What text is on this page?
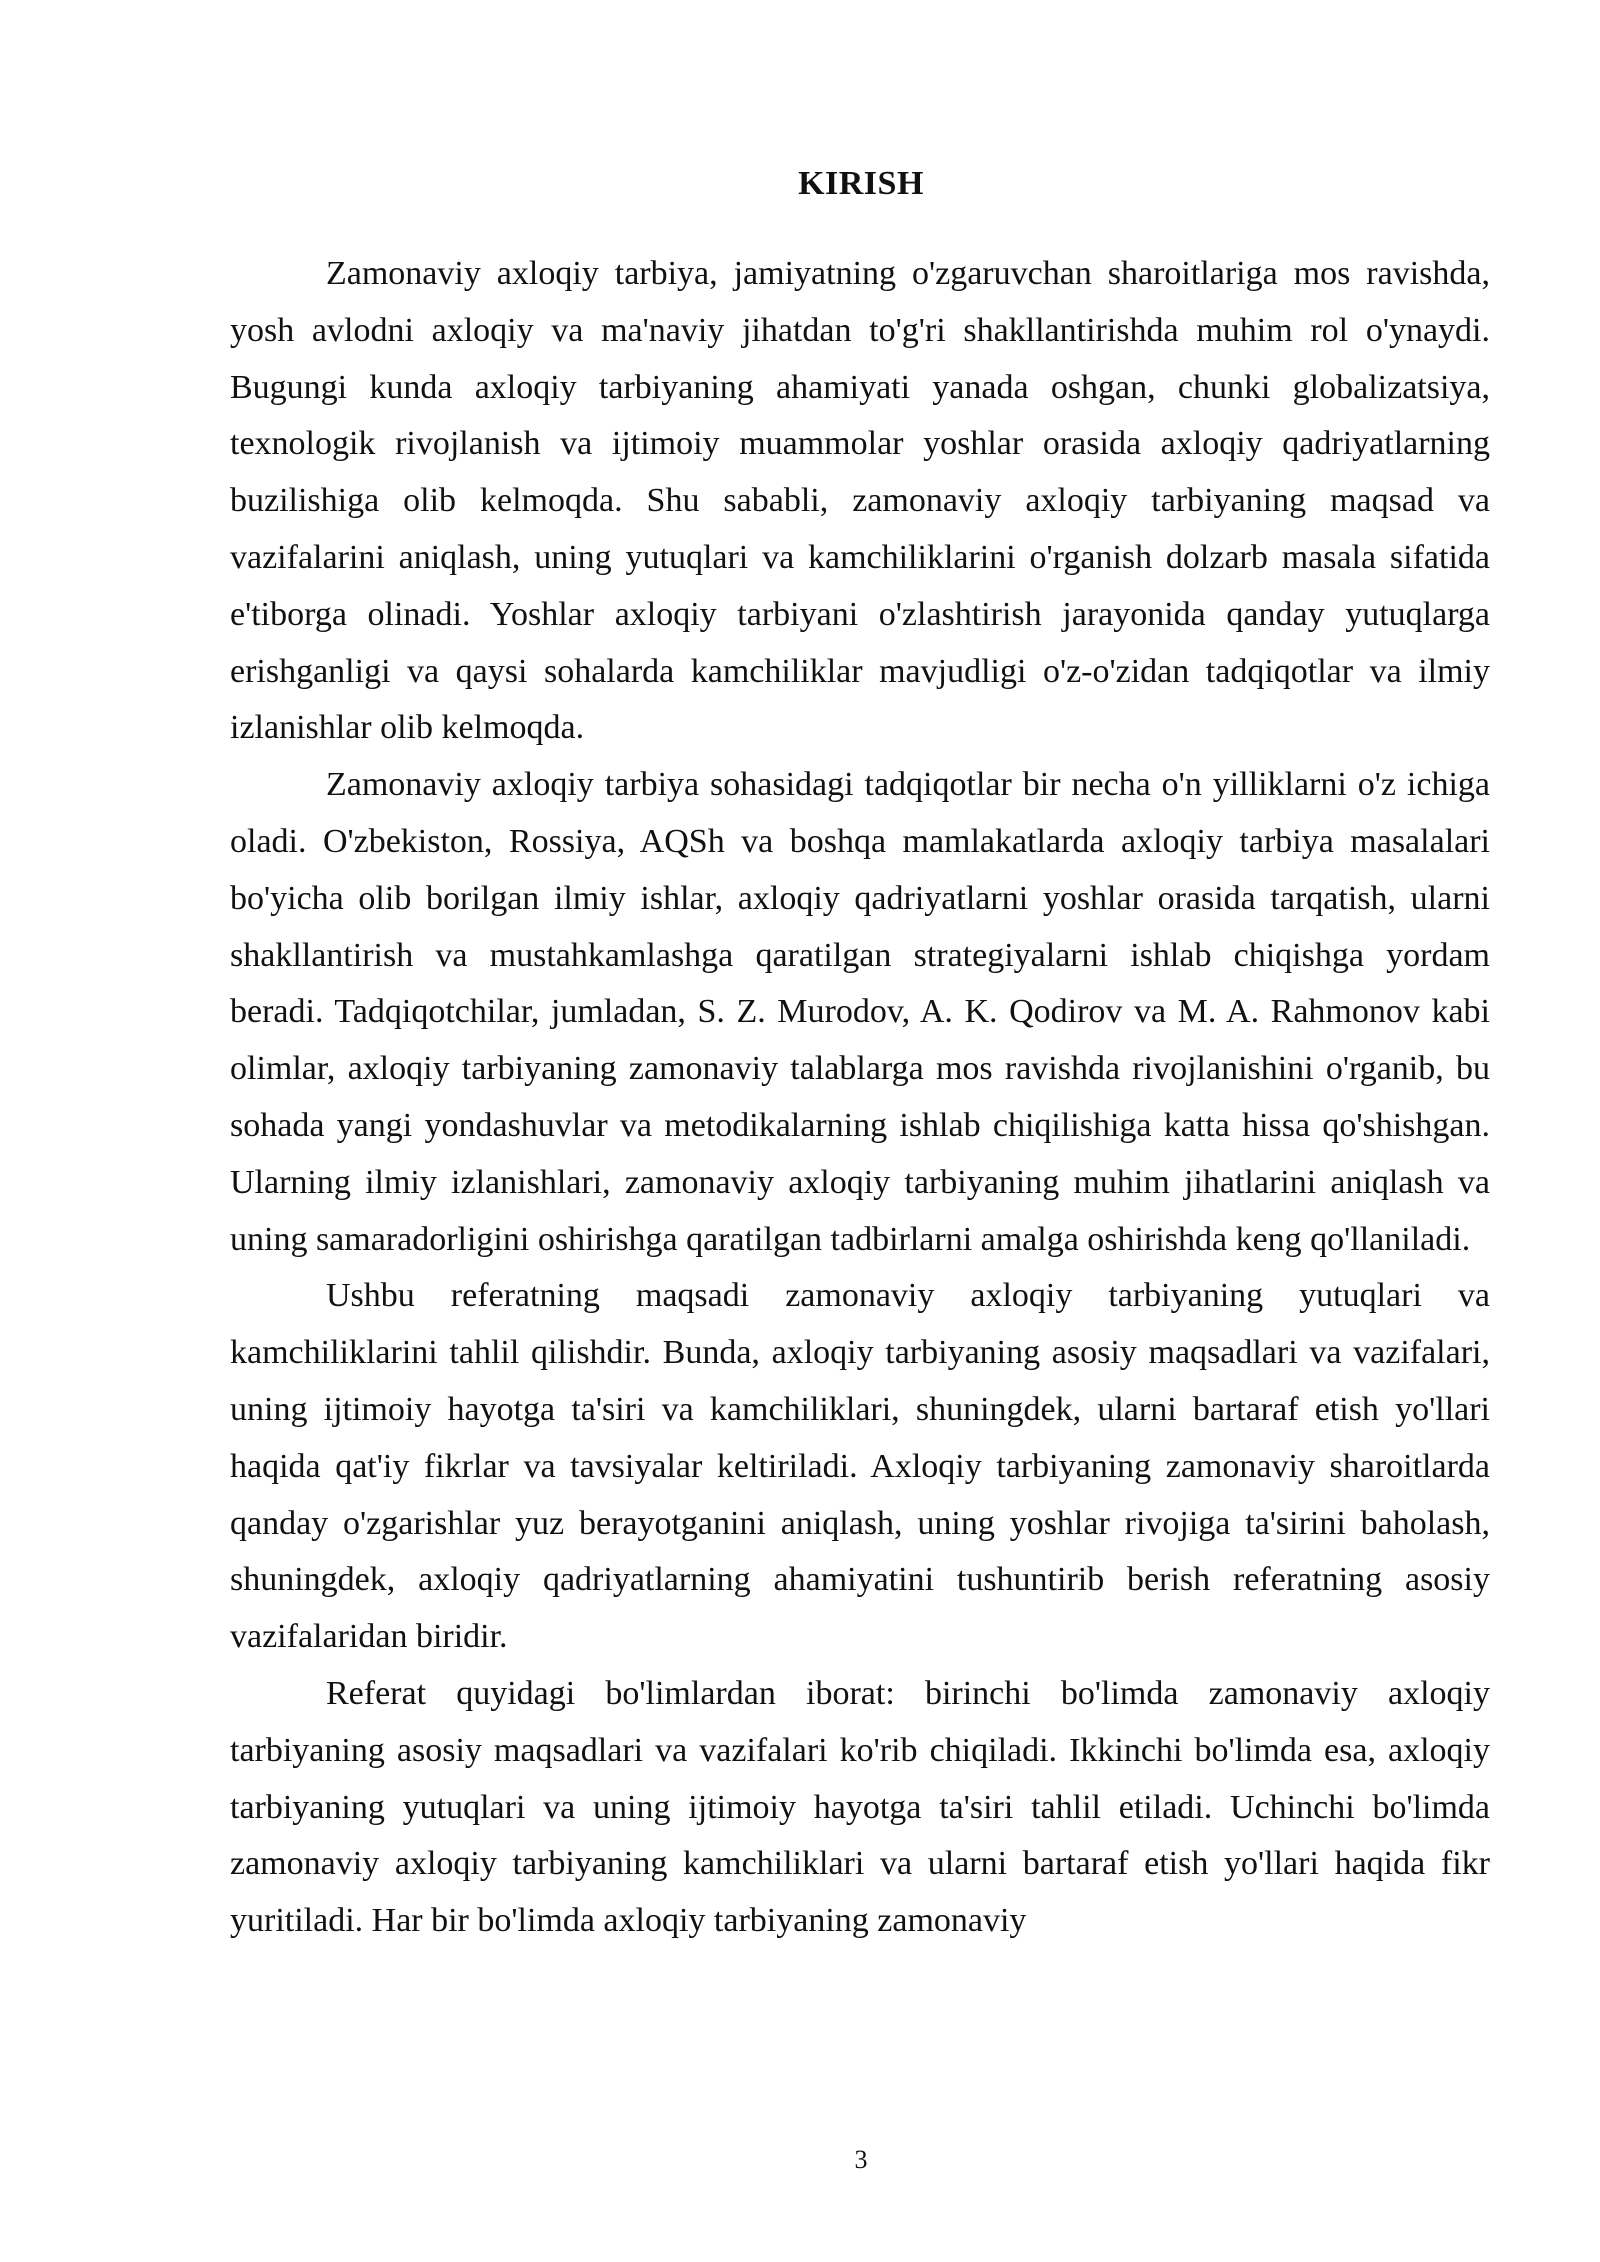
KIRISH

Zamonaviy axloqiy tarbiya, jamiyatning o'zgaruvchan sharoitlariga mos ravishda, yosh avlodni axloqiy va ma'naviy jihatdan to'g'ri shakllantirishda muhim rol o'ynaydi. Bugungi kunda axloqiy tarbiyaning ahamiyati yanada oshgan, chunki globalizatsiya, texnologik rivojlanish va ijtimoiy muammolar yoshlar orasida axloqiy qadriyatlarning buzilishiga olib kelmoqda. Shu sababli, zamonaviy axloqiy tarbiyaning maqsad va vazifalarini aniqlash, uning yutuqlari va kamchiliklarini o'rganish dolzarb masala sifatida e'tiborga olinadi. Yoshlar axloqiy tarbiyani o'zlashtirish jarayonida qanday yutuqlarga erishganligi va qaysi sohalarda kamchiliklar mavjudligi o'z-o'zidan tadqiqotlar va ilmiy izlanishlar olib kelmoqda.

Zamonaviy axloqiy tarbiya sohasidagi tadqiqotlar bir necha o'n yilliklarni o'z ichiga oladi. O'zbekiston, Rossiya, AQSh va boshqa mamlakatlarda axloqiy tarbiya masalalari bo'yicha olib borilgan ilmiy ishlar, axloqiy qadriyatlarni yoshlar orasida tarqatish, ularni shakllantirish va mustahkamlashga qaratilgan strategiyalarni ishlab chiqishga yordam beradi. Tadqiqotchilar, jumladan, S. Z. Murodov, A. K. Qodirov va M. A. Rahmonov kabi olimlar, axloqiy tarbiyaning zamonaviy talablarga mos ravishda rivojlanishini o'rganib, bu sohada yangi yondashuvlar va metodikalarning ishlab chiqilishiga katta hissa qo'shishgan. Ularning ilmiy izlanishlari, zamonaviy axloqiy tarbiyaning muhim jihatlarini aniqlash va uning samaradorligini oshirishga qaratilgan tadbirlarni amalga oshirishda keng qo'llaniladi.

Ushbu referatning maqsadi zamonaviy axloqiy tarbiyaning yutuqlari va kamchiliklarini tahlil qilishdir. Bunda, axloqiy tarbiyaning asosiy maqsadlari va vazifalari, uning ijtimoiy hayotga ta'siri va kamchiliklari, shuningdek, ularni bartaraf etish yo'llari haqida qat'iy fikrlar va tavsiyalar keltiriladi. Axloqiy tarbiyaning zamonaviy sharoitlarda qanday o'zgarishlar yuz berayotganini aniqlash, uning yoshlar rivojiga ta'sirini baholash, shuningdek, axloqiy qadriyatlarning ahamiyatini tushuntirib berish referatning asosiy vazifalaridan biridir.

Referat quyidagi bo'limlardan iborat: birinchi bo'limda zamonaviy axloqiy tarbiyaning asosiy maqsadlari va vazifalari ko'rib chiqiladi. Ikkinchi bo'limda esa, axloqiy tarbiyaning yutuqlari va uning ijtimoiy hayotga ta'siri tahlil etiladi. Uchinchi bo'limda zamonaviy axloqiy tarbiyaning kamchiliklari va ularni bartaraf etish yo'llari haqida fikr yuritiladi. Har bir bo'limda axloqiy tarbiyaning zamonaviy

3
